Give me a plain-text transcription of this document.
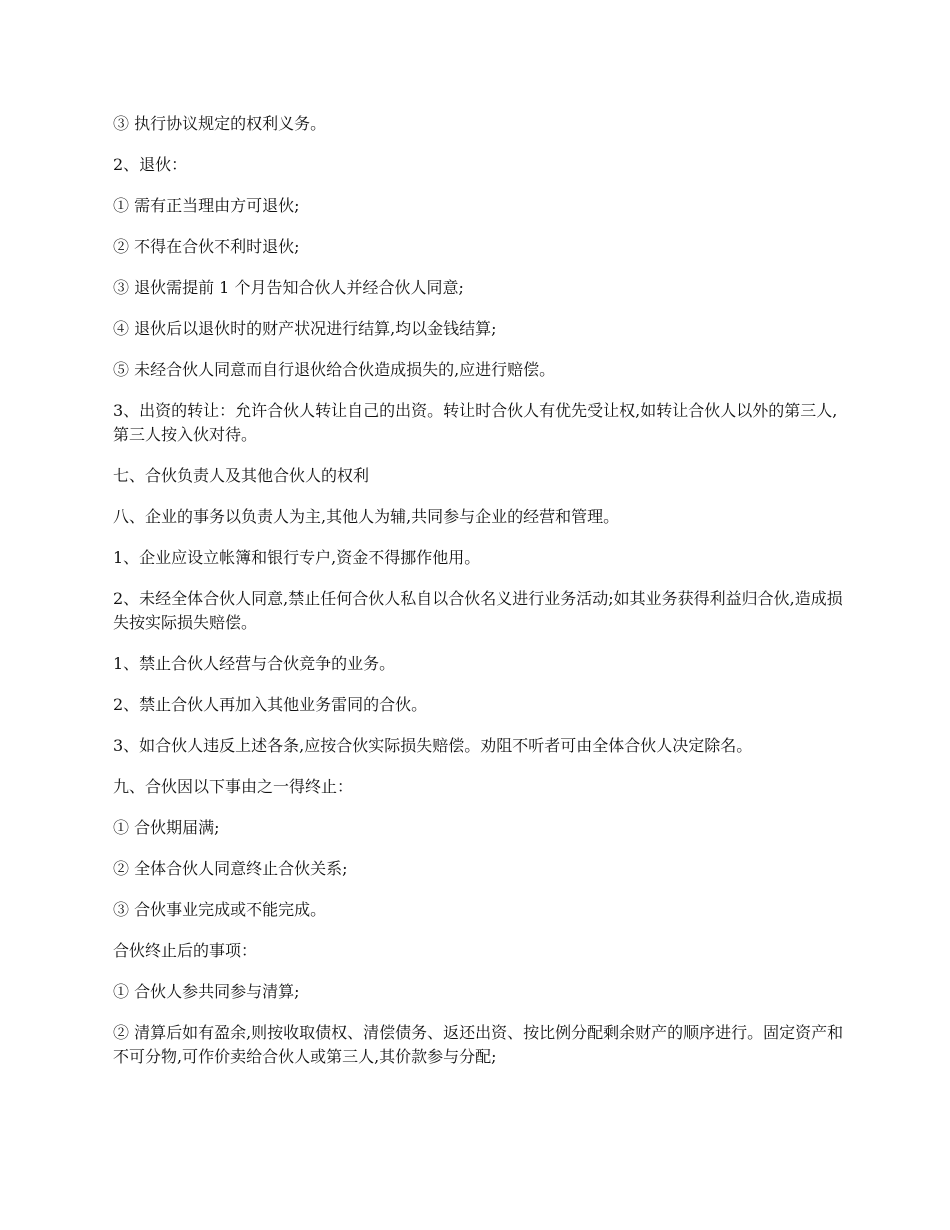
③ 执行协议规定的权利义务。

2、退伙：

① 需有正当理由方可退伙;

② 不得在合伙不利时退伙;

③ 退伙需提前 1 个月告知合伙人并经合伙人同意;

④ 退伙后以退伙时的财产状况进行结算,均以金钱结算;

⑤ 未经合伙人同意而自行退伙给合伙造成损失的,应进行赔偿。

3、出资的转让：允许合伙人转让自己的出资。转让时合伙人有优先受让权,如转让合伙人以外的第三人,第三人按入伙对待。

七、合伙负责人及其他合伙人的权利

八、企业的事务以负责人为主,其他人为辅,共同参与企业的经营和管理。

1、企业应设立帐簿和银行专户,资金不得挪作他用。

2、未经全体合伙人同意,禁止任何合伙人私自以合伙名义进行业务活动;如其业务获得利益归合伙,造成损失按实际损失赔偿。

1、禁止合伙人经营与合伙竞争的业务。

2、禁止合伙人再加入其他业务雷同的合伙。

3、如合伙人违反上述各条,应按合伙实际损失赔偿。劝阻不听者可由全体合伙人决定除名。

九、合伙因以下事由之一得终止：

① 合伙期届满;

② 全体合伙人同意终止合伙关系;

③ 合伙事业完成或不能完成。

合伙终止后的事项：

① 合伙人参共同参与清算;

② 清算后如有盈余,则按收取债权、清偿债务、返还出资、按比例分配剩余财产的顺序进行。固定资产和不可分物,可作价卖给合伙人或第三人,其价款参与分配;
